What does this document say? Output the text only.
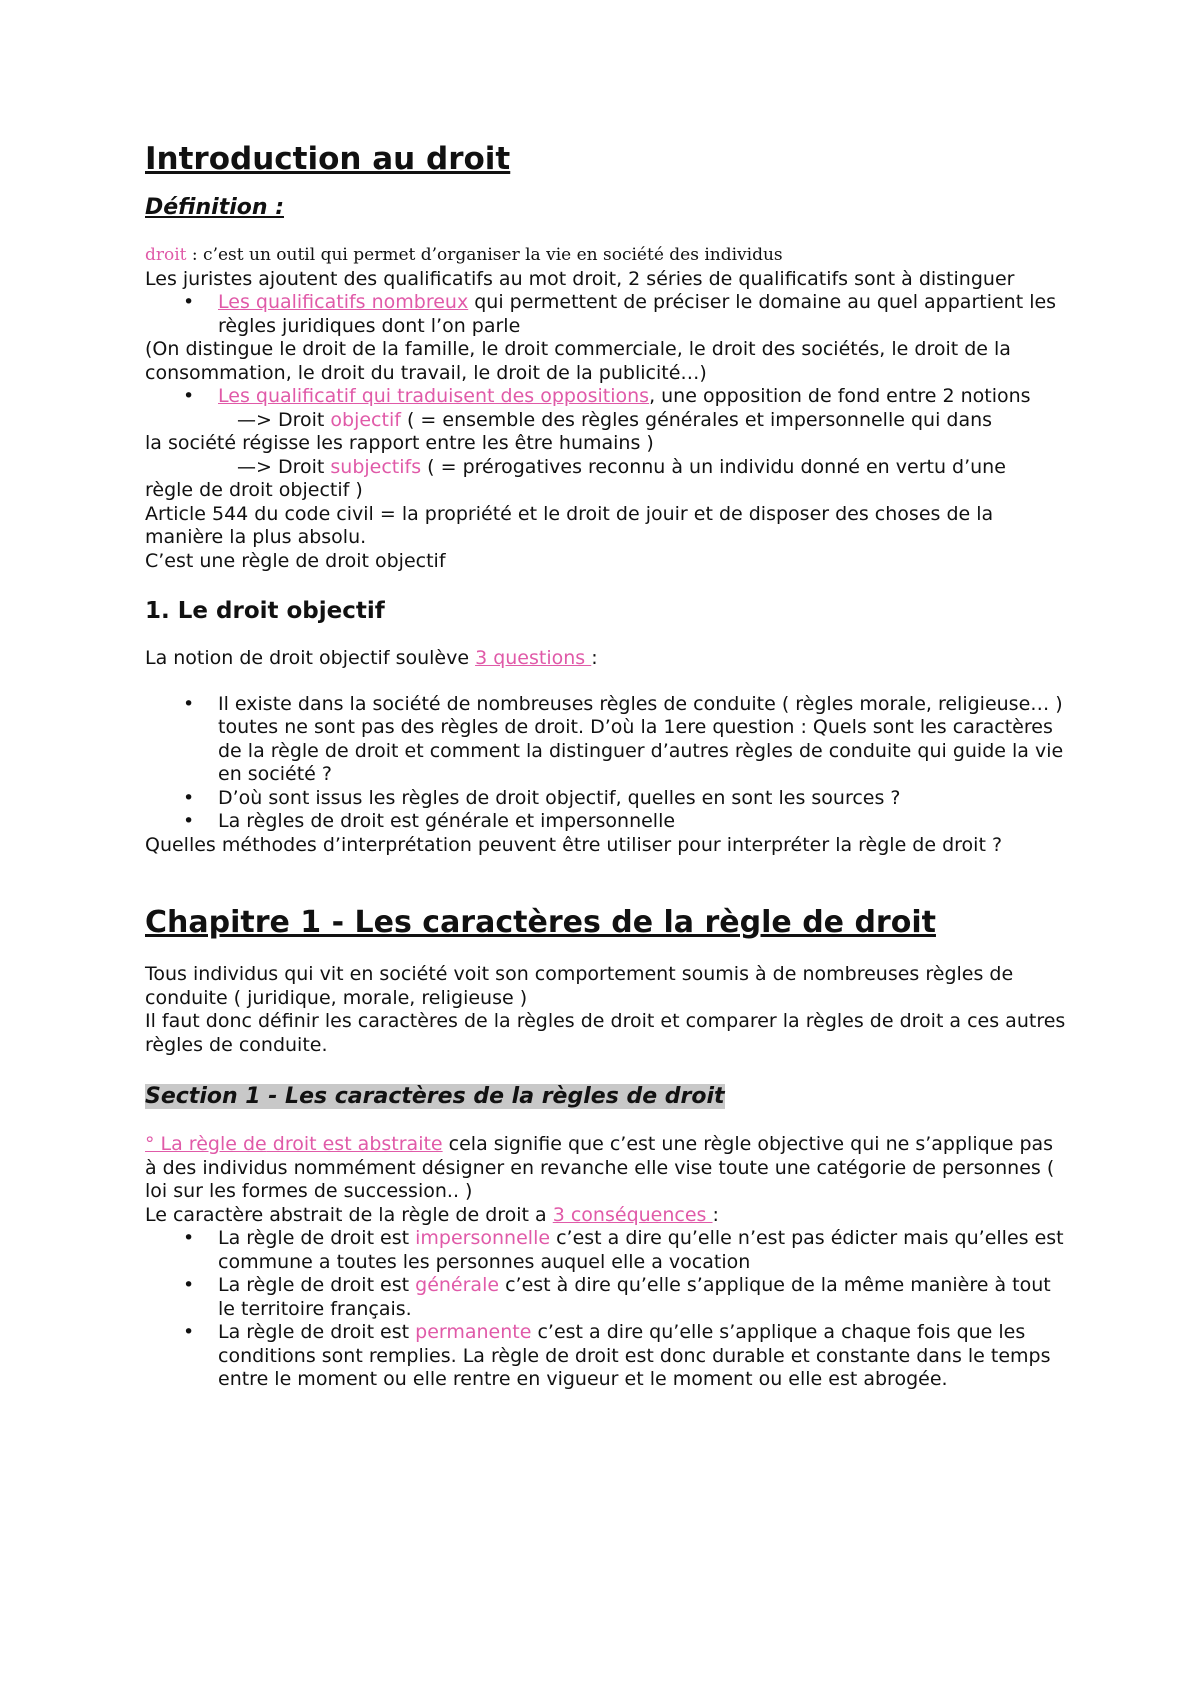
Introduction au droit
Définition :

droit : c’est un outil qui permet d’organiser la vie en société des individus

Les juristes ajoutent des qualificatifs au mot droit, 2 séries de qualificatifs sont à distinguer

• Les qualificatifs nombreux qui permettent de préciser le domaine au quel appartient les règles juridiques dont l’on parle

(On distingue le droit de la famille, le droit commerciale, le droit des sociétés, le droit de la consommation, le droit du travail, le droit de la publicité…)

• Les qualificatif qui traduisent des oppositions, une opposition de fond entre 2 notions

—> Droit objectif ( = ensemble des règles générales et impersonnelle qui dans

la société régisse les rapport entre les être humains )

—> Droit subjectifs ( = prérogatives reconnu à un individu donné en vertu d’une

règle de droit objectif )

Article 544 du code civil = la propriété et le droit de jouir et de disposer des choses de la manière la plus absolu.

C’est une règle de droit objectif

1. Le droit objectif

La notion de droit objectif soulève 3 questions :

• Il existe dans la société de nombreuses règles de conduite ( règles morale, religieuse… ) toutes ne sont pas des règles de droit. D’où la 1ere question : Quels sont les caractères de la règle de droit et comment la distinguer d’autres règles de conduite qui guide la vie en société ?
• D’où sont issus les règles de droit objectif, quelles en sont les sources ?
• La règles de droit est générale et impersonnelle

Quelles méthodes d’interprétation peuvent être utiliser pour interpréter la règle de droit ?

Chapitre 1 - Les caractères de la règle de droit

Tous individus qui vit en société voit son comportement soumis à de nombreuses règles de conduite ( juridique, morale, religieuse )

Il faut donc définir les caractères de la règles de droit et comparer la règles de droit a ces autres règles de conduite.

Section 1 - Les caractères de la règles de droit

° La règle de droit est abstraite cela signifie que c’est une règle objective qui ne s’applique pas à des individus nommément désigner en revanche elle vise toute une catégorie de personnes ( loi sur les formes de succession.. )

Le caractère abstrait de la règle de droit a 3 conséquences :

• La règle de droit est impersonnelle c’est a dire qu’elle n’est pas édicter mais qu’elles est commune a toutes les personnes auquel elle a vocation
• La règle de droit est générale c’est à dire qu’elle s’applique de la même manière à tout le territoire français.
• La règle de droit est permanente c’est a dire qu’elle s’applique a chaque fois que les conditions sont remplies. La règle de droit est donc durable et constante dans le temps entre le moment ou elle rentre en vigueur et le moment ou elle est abrogée.
